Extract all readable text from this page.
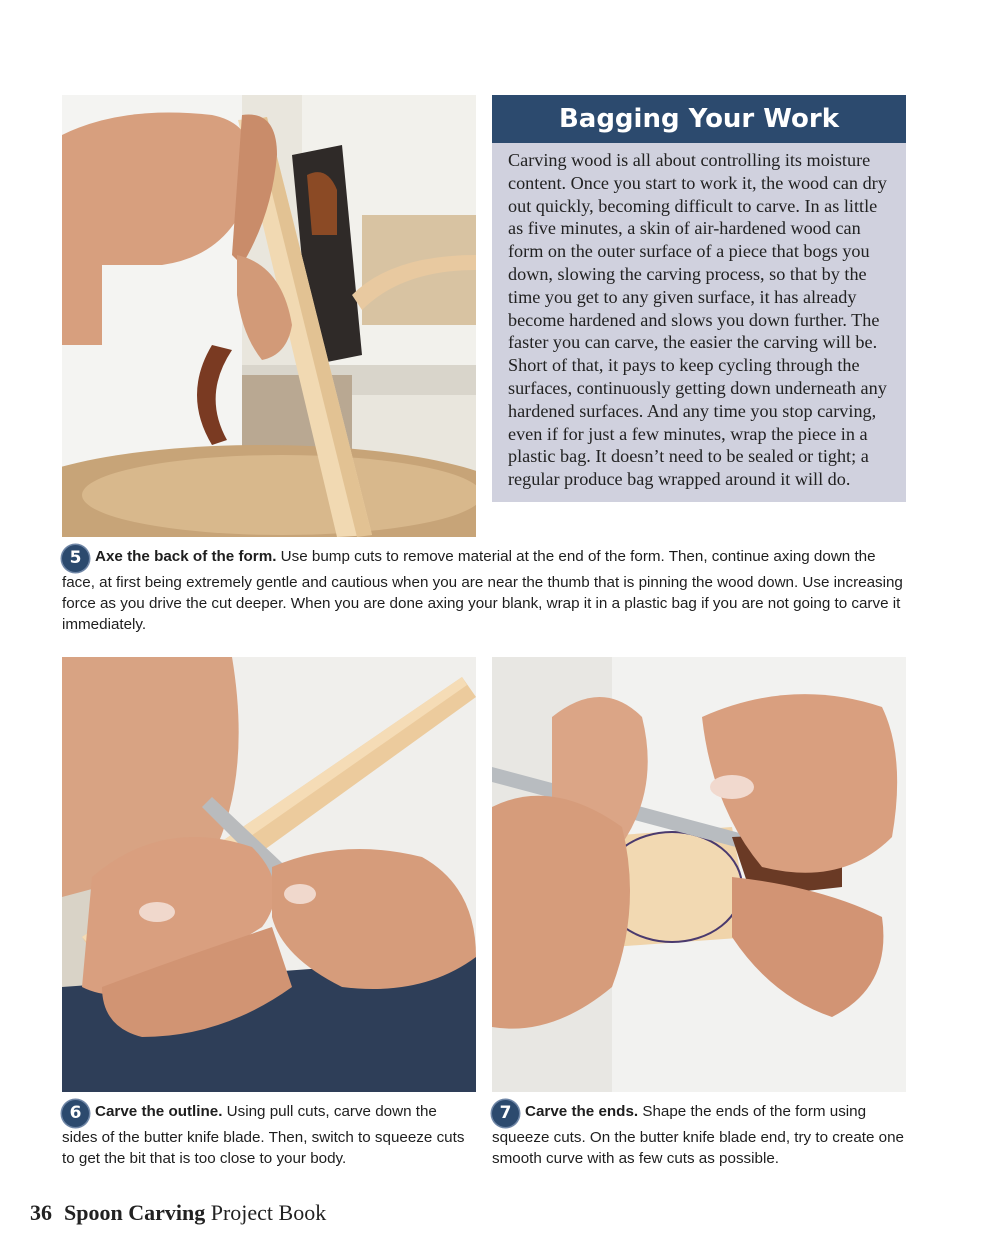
Bagging Your Work
Carving wood is all about controlling its moisture content. Once you start to work it, the wood can dry out quickly, becoming difficult to carve. In as little as five minutes, a skin of air-hardened wood can form on the outer surface of a piece that bogs you down, slowing the carving process, so that by the time you get to any given surface, it has already become hardened and slows you down further. The faster you can carve, the easier the carving will be. Short of that, it pays to keep cycling through the surfaces, continuously getting down underneath any hardened surfaces. And any time you stop carving, even if for just a few minutes, wrap the piece in a plastic bag. It doesn’t need to be sealed or tight; a regular produce bag wrapped around it will do.
5 Axe the back of the form. Use bump cuts to remove material at the end of the form. Then, continue axing down the face, at first being extremely gentle and cautious when you are near the thumb that is pinning the wood down. Use increasing force as you drive the cut deeper. When you are done axing your blank, wrap it in a plastic bag if you are not going to carve it immediately.
6 Carve the outline. Using pull cuts, carve down the sides of the butter knife blade. Then, switch to squeeze cuts to get the bit that is too close to your body.
7 Carve the ends. Shape the ends of the form using squeeze cuts. On the butter knife blade end, try to create one smooth curve with as few cuts as possible.
36 Spoon Carving Project Book
